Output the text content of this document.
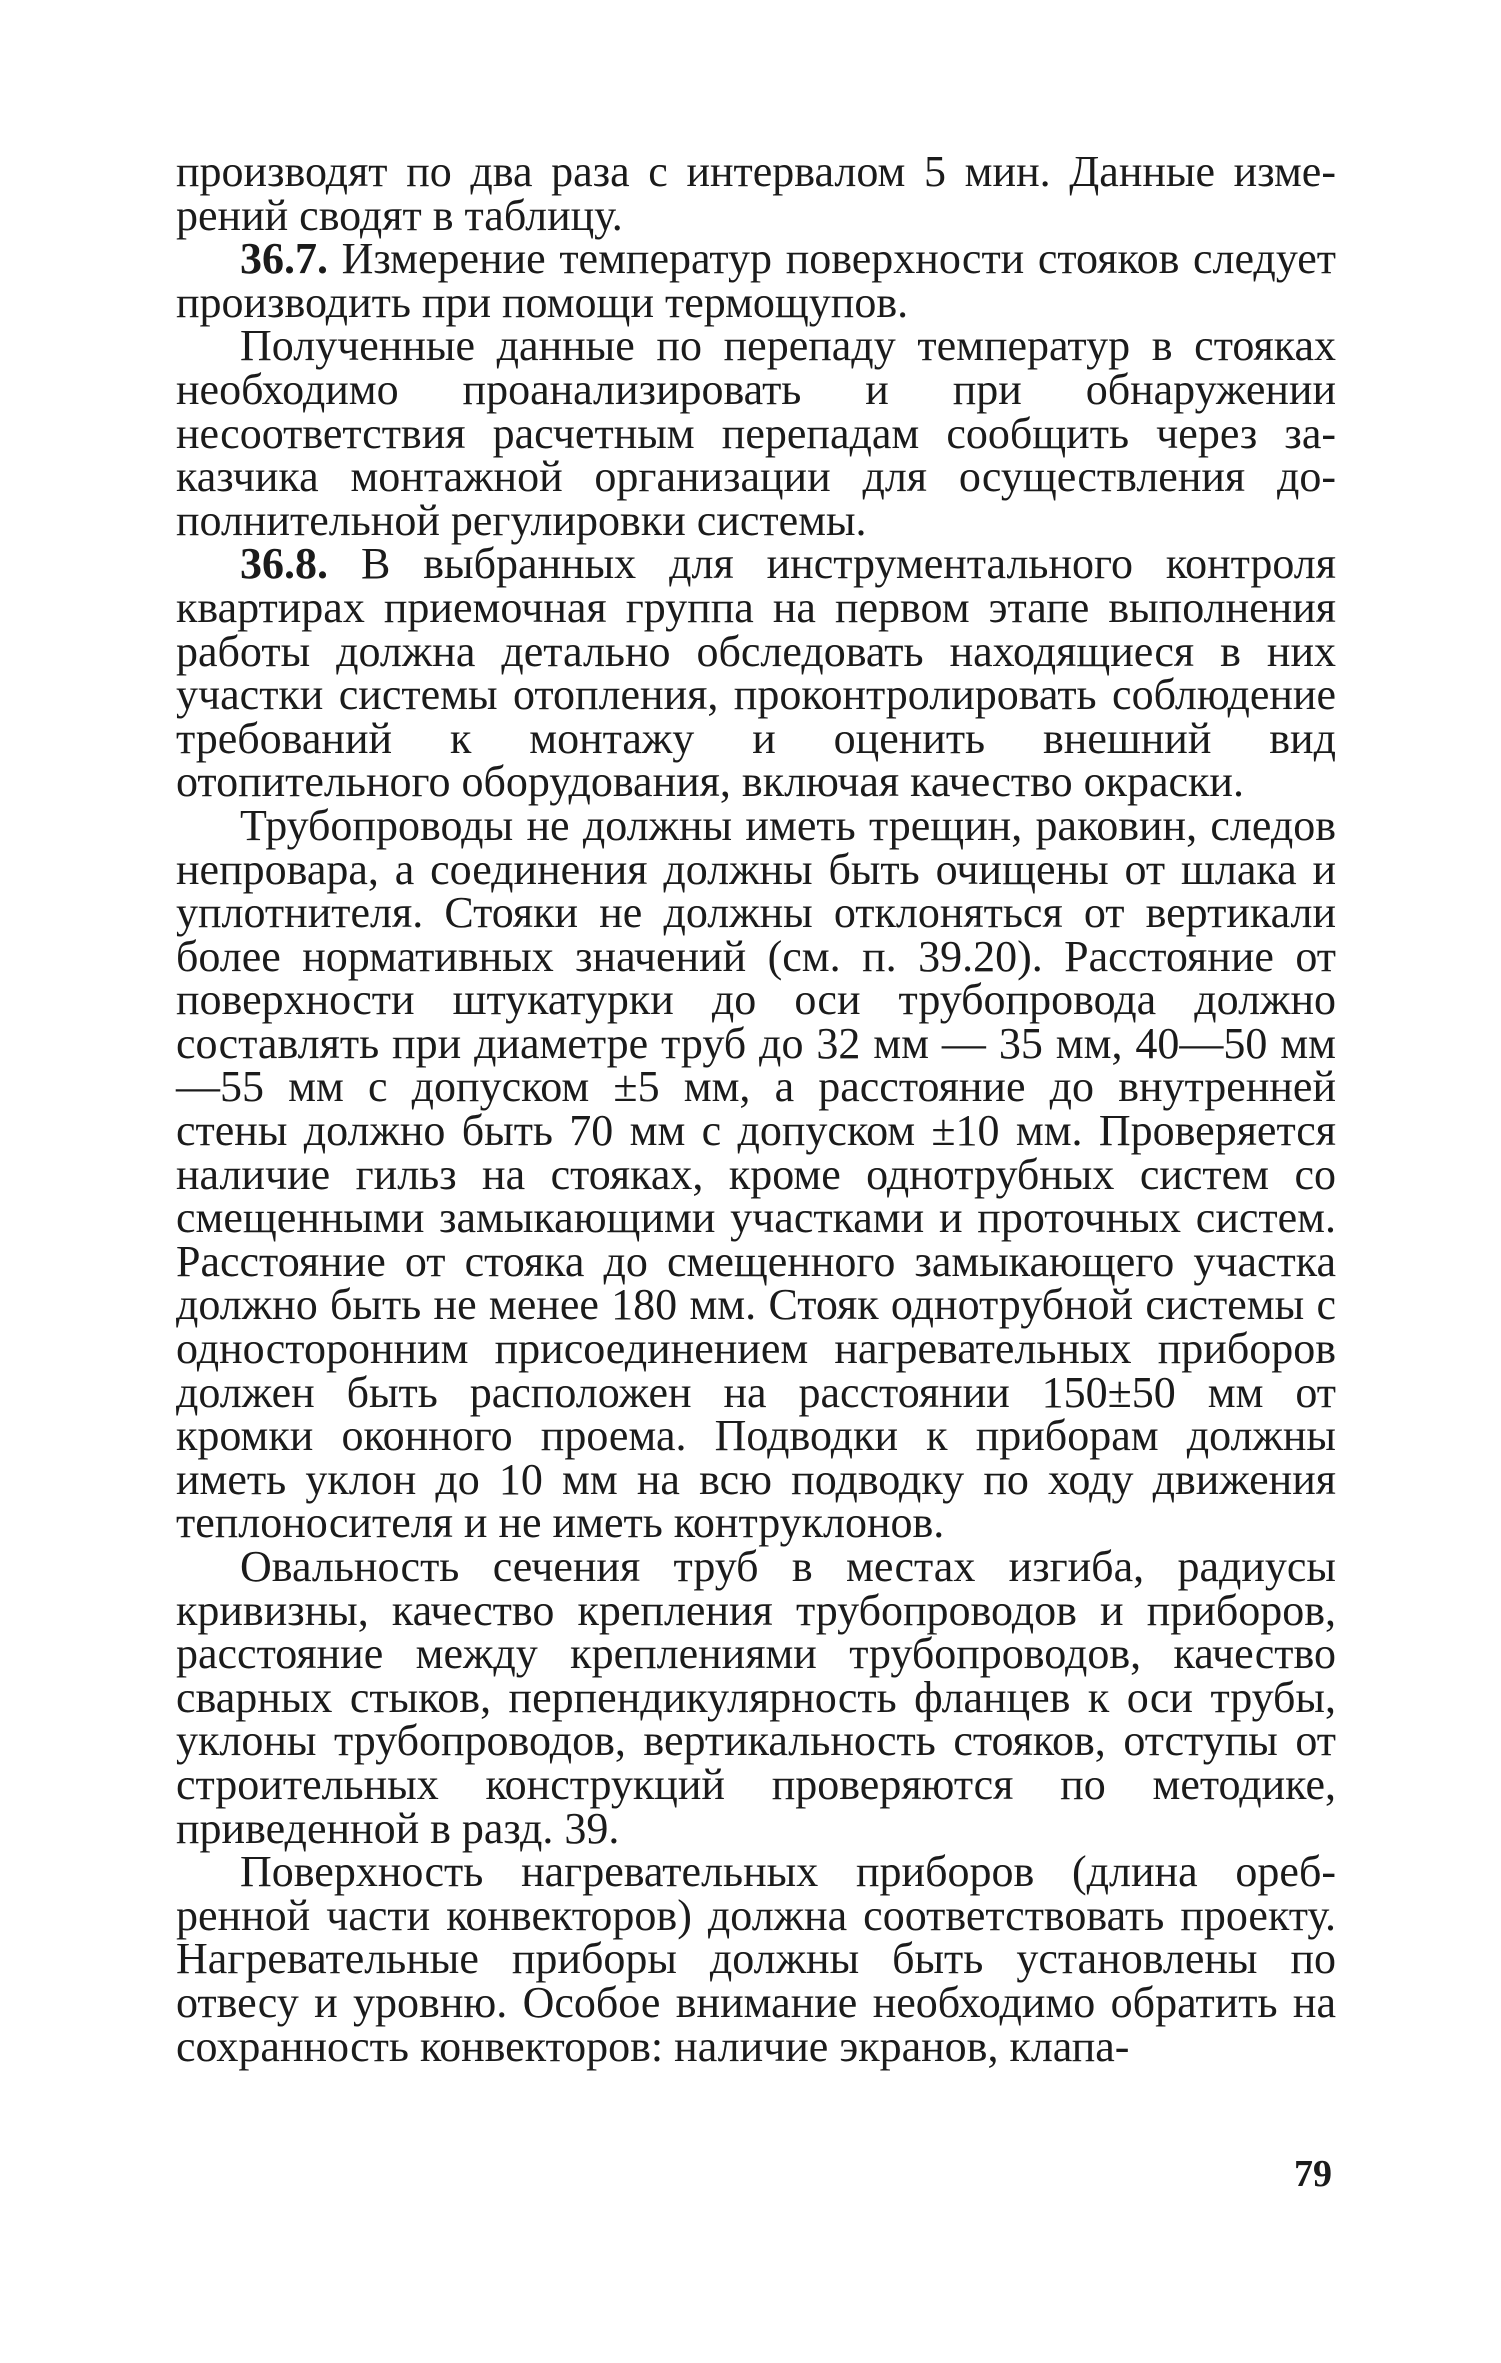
производят по два раза с интервалом 5 мин. Данные измерений сводят в таблицу.

36.7. Измерение температур поверхности стояков следует производить при помощи термощупов.

Полученные данные по перепаду температур в стояках необходимо проанализировать и при обнаружении несоответствия расчетным перепадам сообщить через заказчика монтажной организации для осуществления дополнительной регулировки системы.

36.8. В выбранных для инструментального контроля квартирах приемочная группа на первом этапе выполнения работы должна детально обследовать находящиеся в них участки системы отопления, проконтролировать соблюдение требований к монтажу и оценить внешний вид отопительного оборудования, включая качество окраски.

Трубопроводы не должны иметь трещин, раковин, следов непровара, а соединения должны быть очищены от шлака и уплотнителя. Стояки не должны отклоняться от вертикали более нормативных значений (см. п. 39.20). Расстояние от поверхности штукатурки до оси трубопровода должно составлять при диаметре труб до 32 мм — 35 мм, 40—50 мм —55 мм с допуском ±5 мм, а расстояние до внутренней стены должно быть 70 мм с допуском ±10 мм. Проверяется наличие гильз на стояках, кроме однотрубных систем со смещенными замыкающими участками и проточных систем. Расстояние от стояка до смещенного замыкающего участка должно быть не менее 180 мм. Стояк однотрубной системы с односторонним присоединением нагревательных приборов должен быть расположен на расстоянии 150±50 мм от кромки оконного проема. Подводки к приборам должны иметь уклон до 10 мм на всю подводку по ходу движения теплоносителя и не иметь контруклонов.

Овальность сечения труб в местах изгиба, радиусы кривизны, качество крепления трубопроводов и приборов, расстояние между креплениями трубопроводов, качество сварных стыков, перпендикулярность фланцев к оси трубы, уклоны трубопроводов, вертикальность стояков, отступы от строительных конструкций проверяются по методике, приведенной в разд. 39.

Поверхность нагревательных приборов (длина оребренной части конвекторов) должна соответствовать проекту. Нагревательные приборы должны быть установлены по отвесу и уровню. Особое внимание необходимо обратить на сохранность конвекторов: наличие экранов, клапа-

79
